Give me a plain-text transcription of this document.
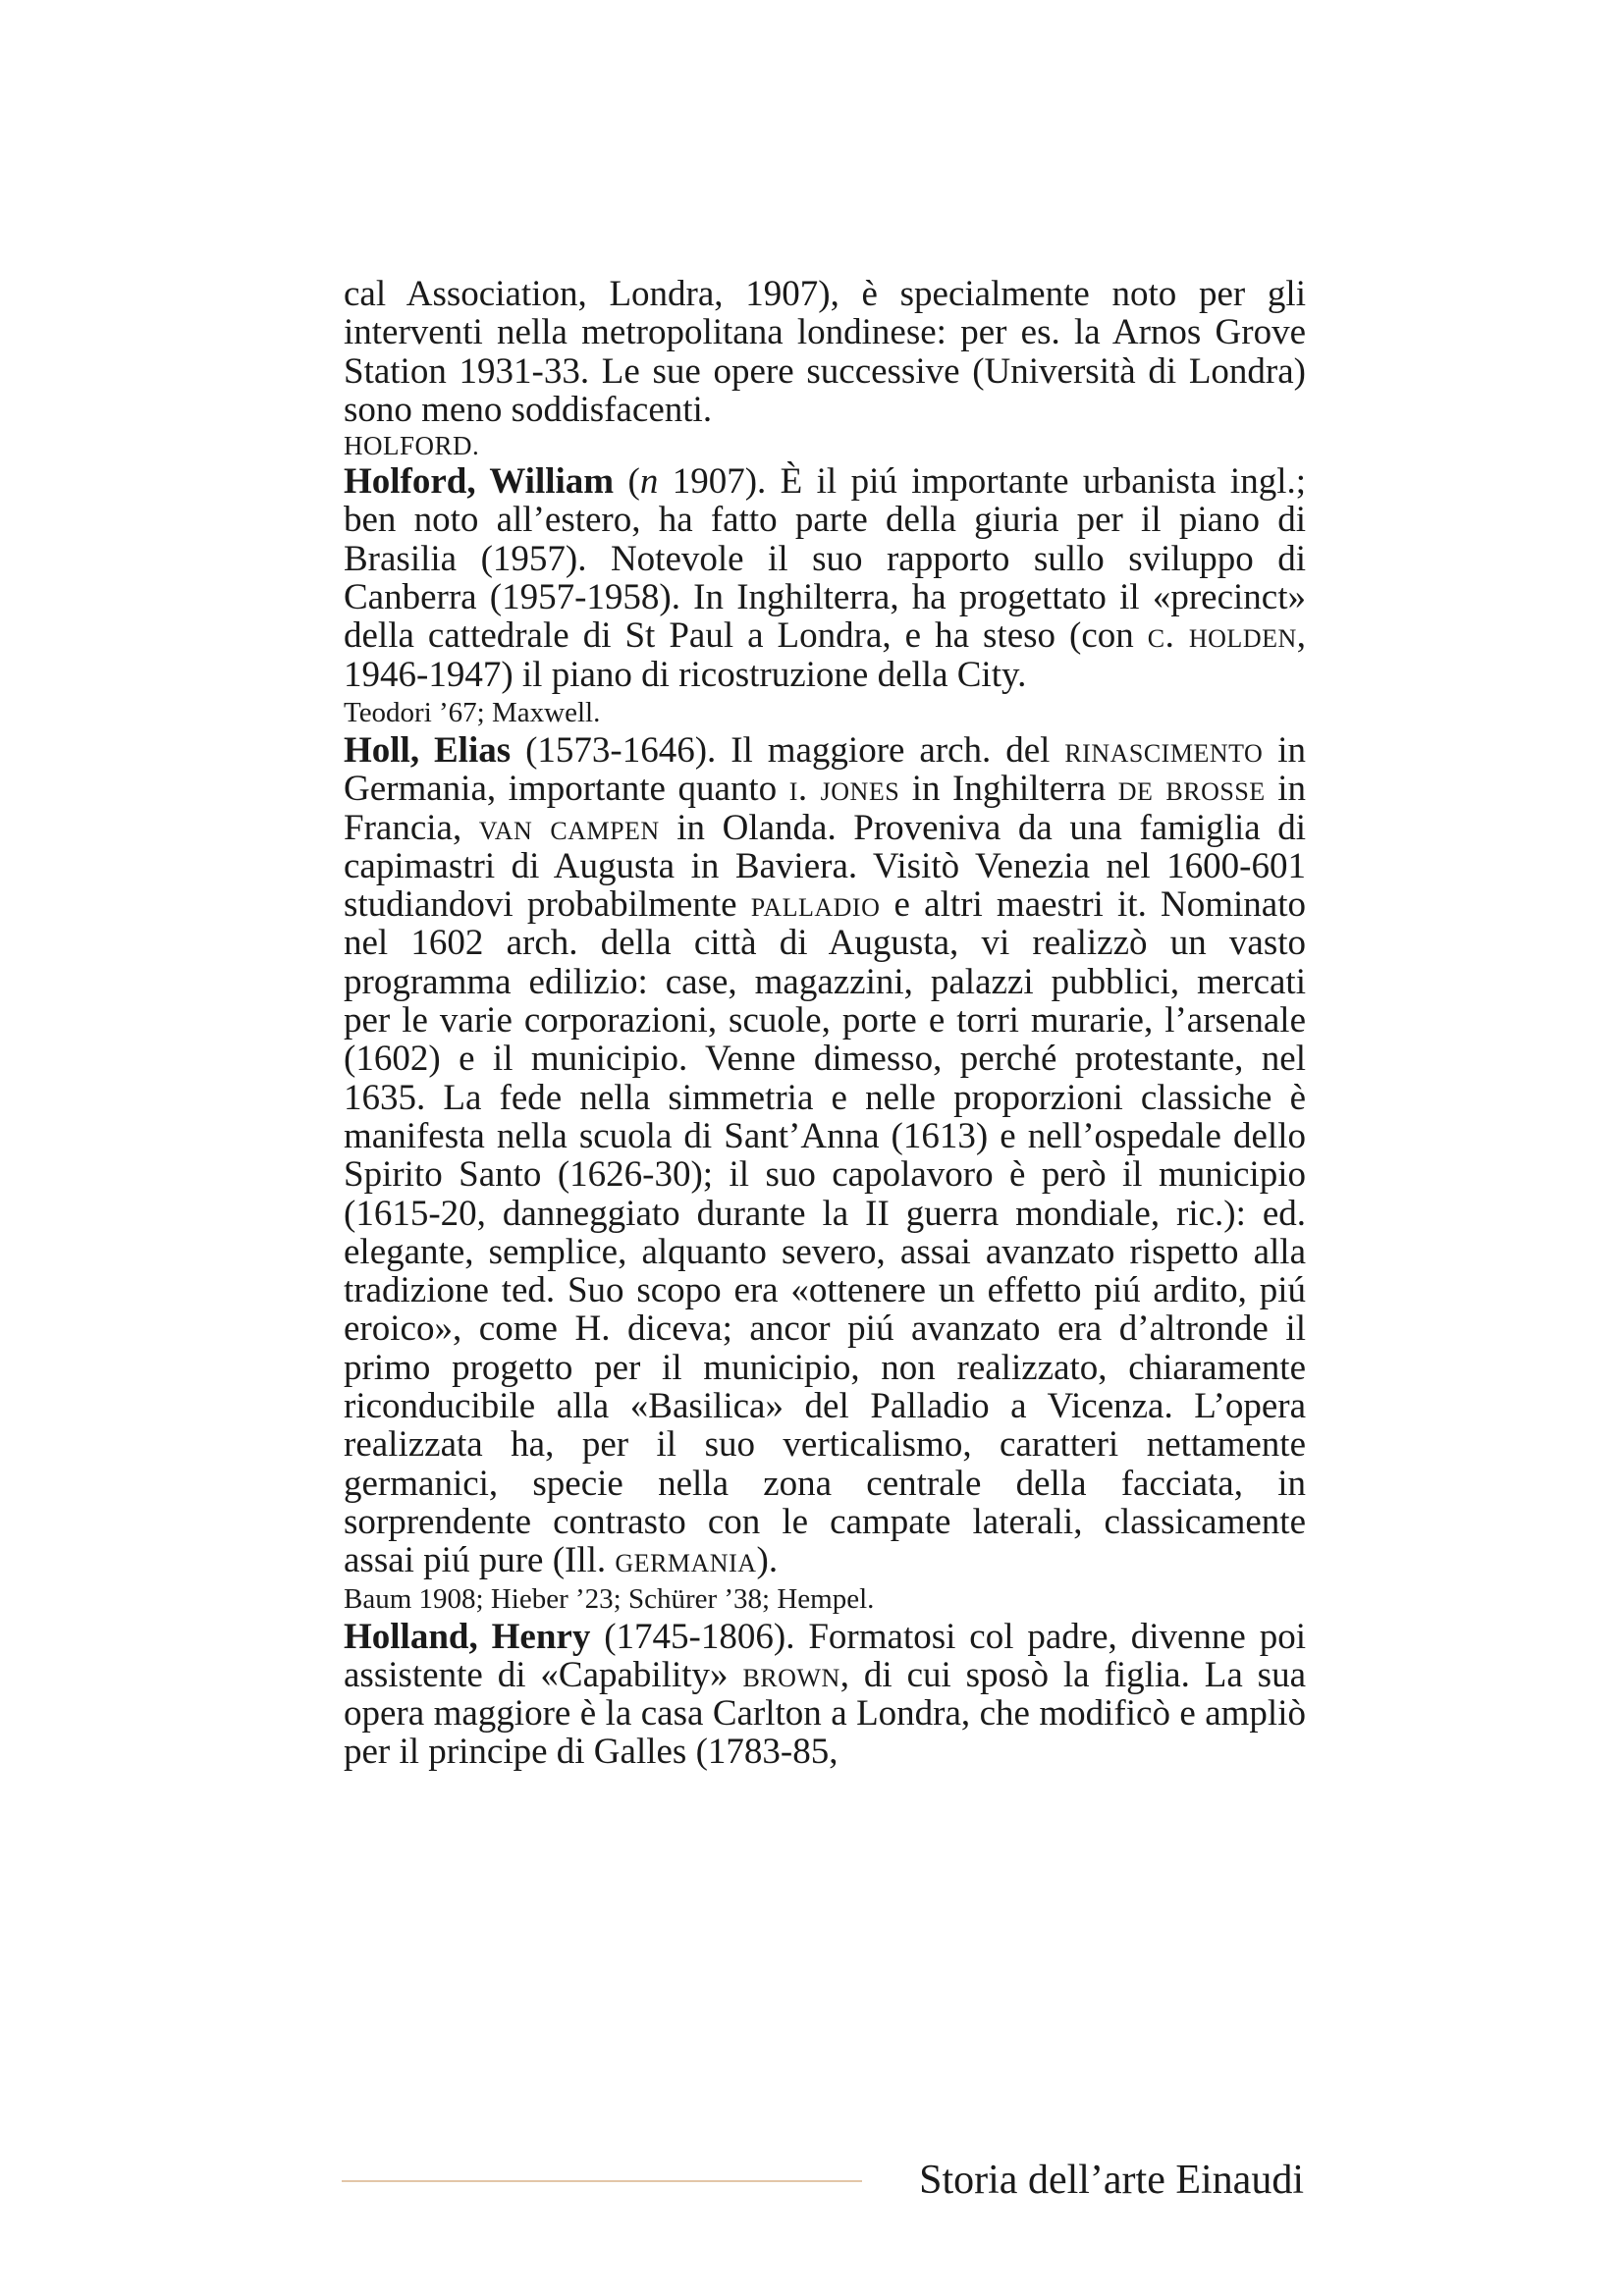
cal Association, Londra, 1907), è specialmente noto per gli interventi nella metropolitana londinese: per es. la Arnos Grove Station 1931-33. Le sue opere successive (Università di Londra) sono meno soddisfacenti.

HOLFORD.

Holford, William (n 1907). È il piú importante urbanista ingl.; ben noto all’estero, ha fatto parte della giuria per il piano di Brasilia (1957). Notevole il suo rapporto sullo sviluppo di Canberra (1957-1958). In Inghilterra, ha progettato il «precinct» della cattedrale di St Paul a Londra, e ha steso (con c. holden, 1946-1947) il piano di ricostruzione della City.

Teodori ’67; Maxwell.

Holl, Elias (1573-1646). Il maggiore arch. del rinascimento in Germania, importante quanto i. jones in Inghilterra de brosse in Francia, van campen in Olanda. Proveniva da una famiglia di capimastri di Augusta in Baviera. Visitò Venezia nel 1600-601 studiandovi probabilmente palladio e altri maestri it. Nominato nel 1602 arch. della città di Augusta, vi realizzò un vasto programma edilizio: case, magazzini, palazzi pubblici, mercati per le varie corporazioni, scuole, porte e torri murarie, l’arsenale (1602) e il municipio. Venne dimesso, perché protestante, nel 1635. La fede nella simmetria e nelle proporzioni classiche è manifesta nella scuola di Sant’Anna (1613) e nell’ospedale dello Spirito Santo (1626-30); il suo capolavoro è però il municipio (1615-20, danneggiato durante la II guerra mondiale, ric.): ed. elegante, semplice, alquanto severo, assai avanzato rispetto alla tradizione ted. Suo scopo era «ottenere un effetto piú ardito, piú eroico», come H. diceva; ancor piú avanzato era d’altronde il primo progetto per il municipio, non realizzato, chiaramente riconducibile alla «Basilica» del Palladio a Vicenza. L’opera realizzata ha, per il suo verticalismo, caratteri nettamente germanici, specie nella zona centrale della facciata, in sorprendente contrasto con le campate laterali, classicamente assai piú pure (Ill. germania).

Baum 1908; Hieber ’23; Schürer ’38; Hempel.

Holland, Henry (1745-1806). Formatosi col padre, divenne poi assistente di «Capability» brown, di cui sposò la figlia. La sua opera maggiore è la casa Carlton a Londra, che modificò e ampliò per il principe di Galles (1783-85,

Storia dell’arte Einaudi
